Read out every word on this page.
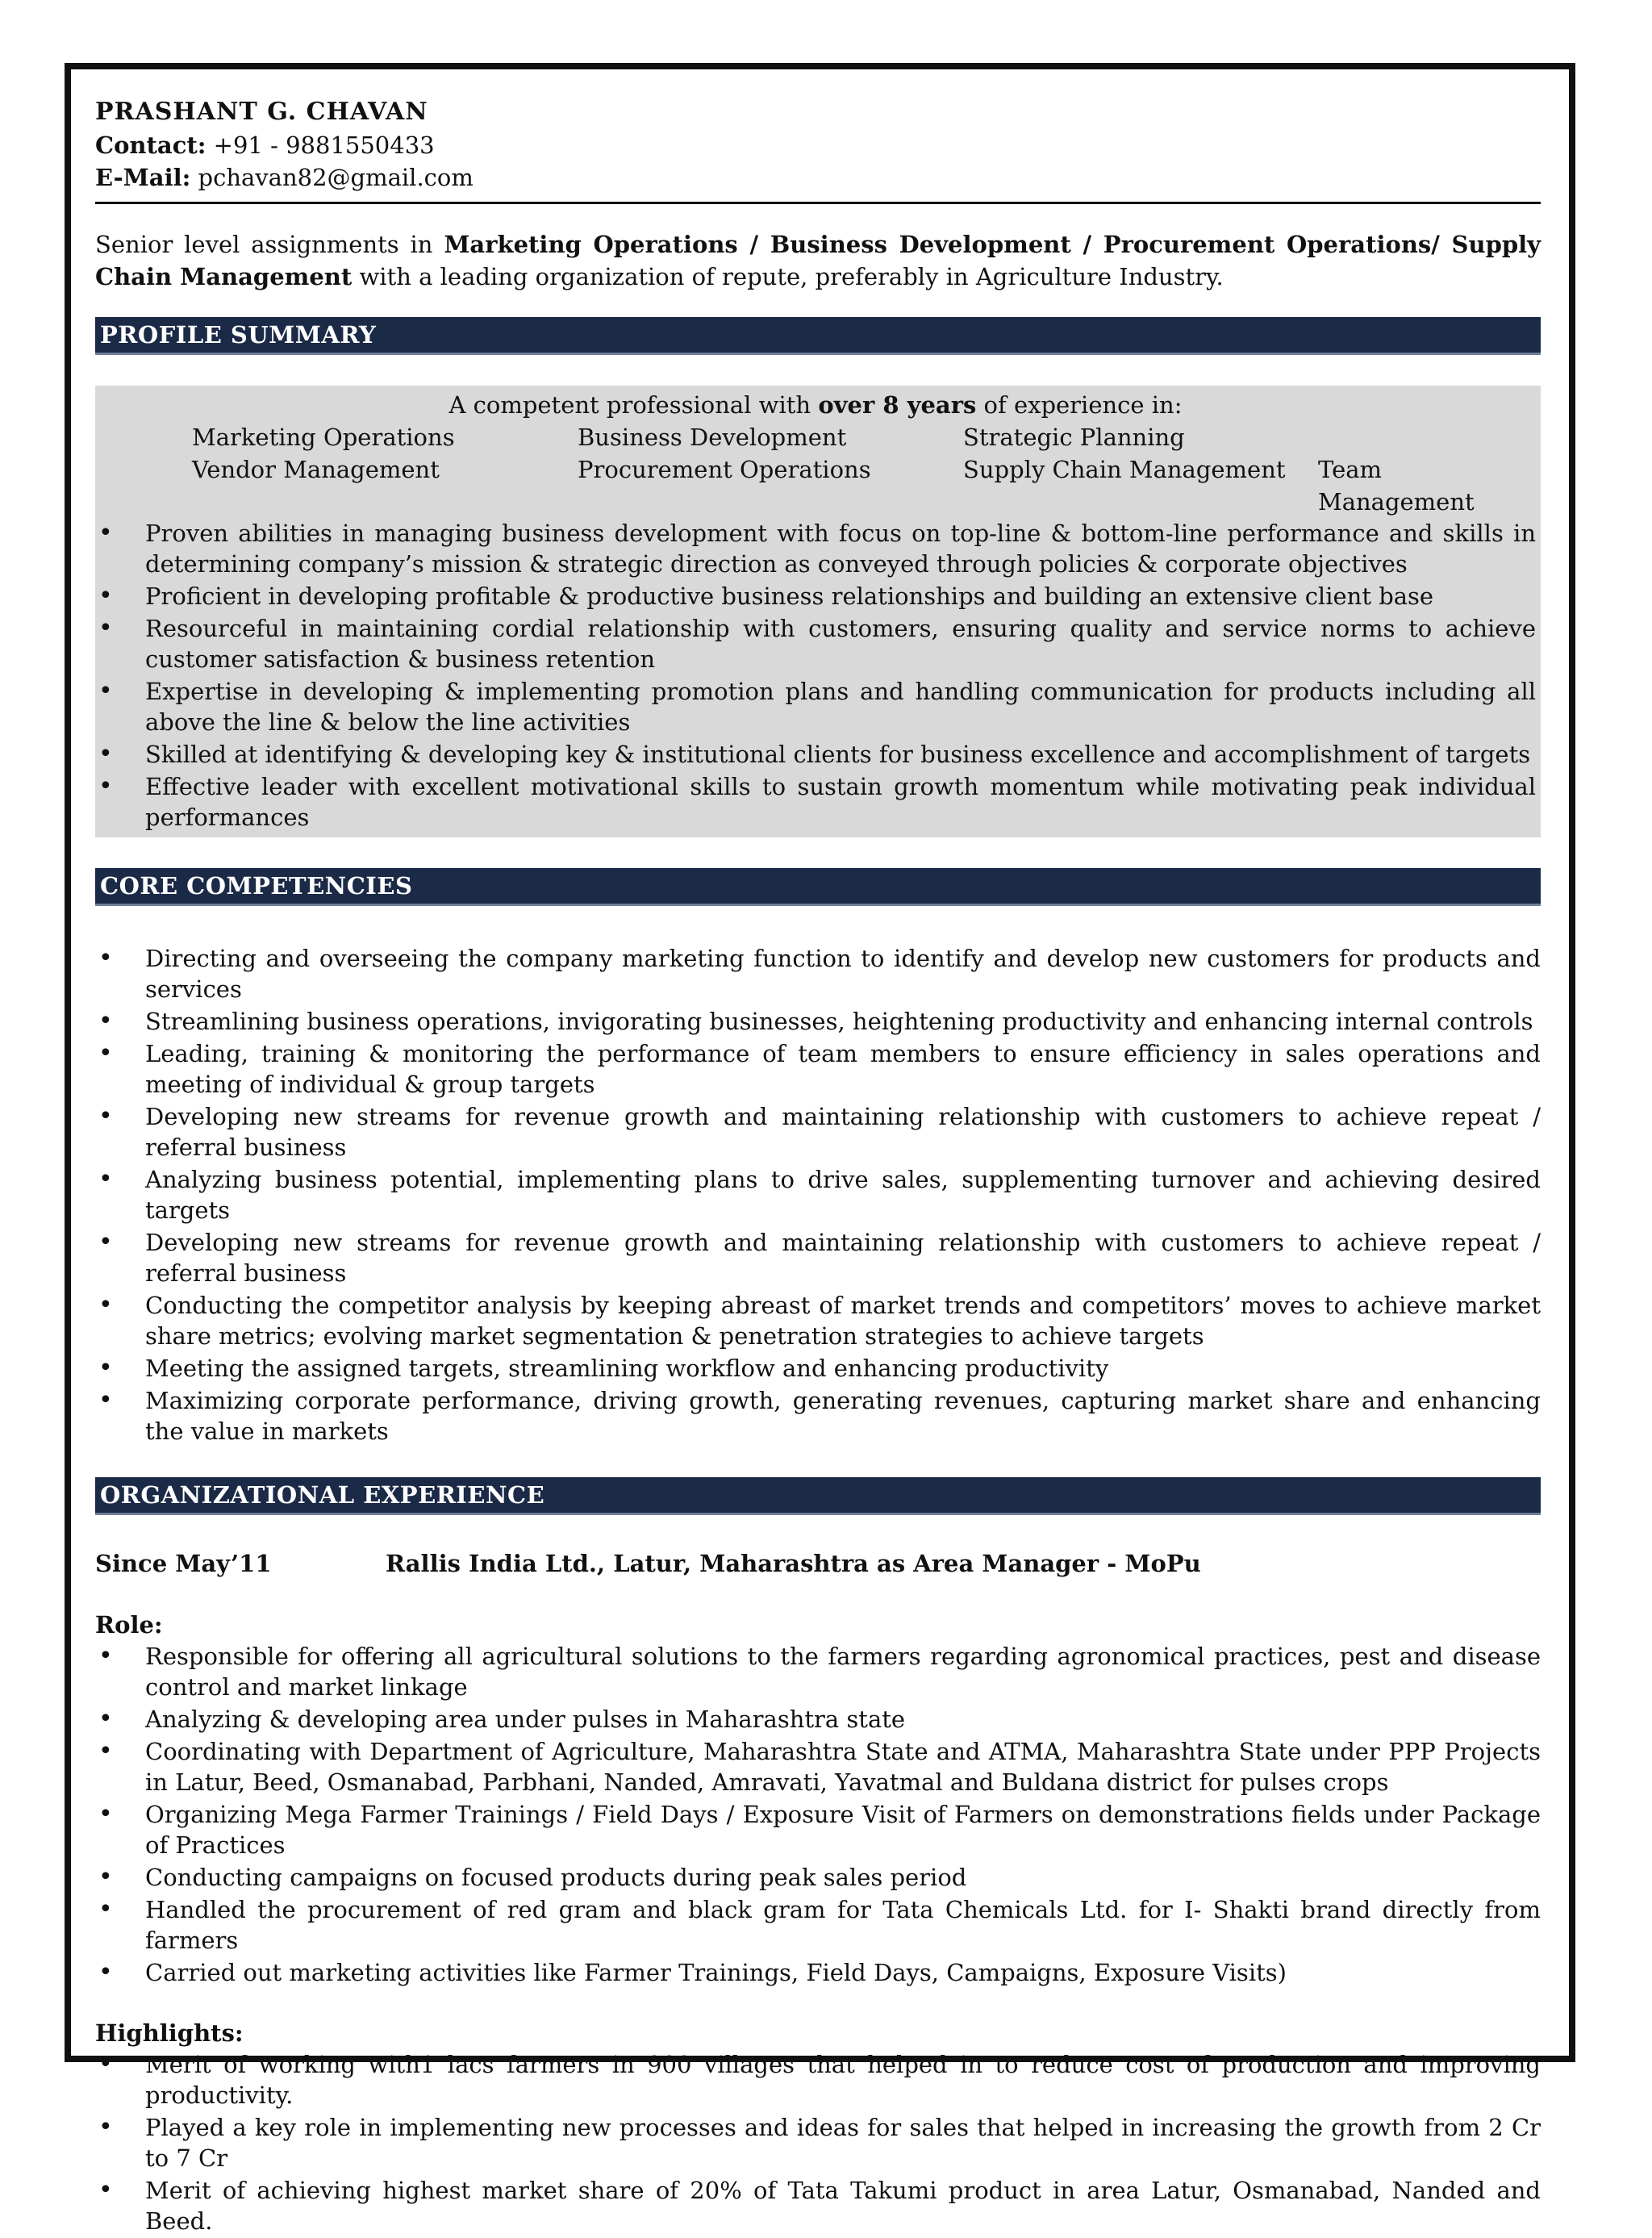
PRASHANT G. CHAVAN
Contact: +91 - 9881550433
E-Mail: pchavan82@gmail.com
Senior level assignments in Marketing Operations / Business Development / Procurement Operations/ Supply Chain Management with a leading organization of repute, preferably in Agriculture Industry.
PROFILE SUMMARY
A competent professional with over 8 years of experience in:
Marketing Operations	Business Development	Strategic Planning
Vendor Management	Procurement Operations	Supply Chain Management	Team Management
• Proven abilities in managing business development with focus on top-line & bottom-line performance and skills in determining company’s mission & strategic direction as conveyed through policies & corporate objectives
• Proficient in developing profitable & productive business relationships and building an extensive client base
• Resourceful in maintaining cordial relationship with customers, ensuring quality and service norms to achieve customer satisfaction & business retention
• Expertise in developing & implementing promotion plans and handling communication for products including all above the line & below the line activities
• Skilled at identifying & developing key & institutional clients for business excellence and accomplishment of targets
• Effective leader with excellent motivational skills to sustain growth momentum while motivating peak individual performances
CORE COMPETENCIES
• Directing and overseeing the company marketing function to identify and develop new customers for products and services
• Streamlining business operations, invigorating businesses, heightening productivity and enhancing internal controls
• Leading, training & monitoring the performance of team members to ensure efficiency in sales operations and meeting of individual & group targets
• Developing new streams for revenue growth and maintaining relationship with customers to achieve repeat / referral business
• Analyzing business potential, implementing plans to drive sales, supplementing turnover and achieving desired targets
• Developing new streams for revenue growth and maintaining relationship with customers to achieve repeat / referral business
• Conducting the competitor analysis by keeping abreast of market trends and competitors’ moves to achieve market share metrics; evolving market segmentation & penetration strategies to achieve targets
• Meeting the assigned targets, streamlining workflow and enhancing productivity
• Maximizing corporate performance, driving growth, generating revenues, capturing market share and enhancing the value in markets
ORGANIZATIONAL EXPERIENCE
Since May’11	Rallis India Ltd., Latur, Maharashtra as Area Manager - MoPu
Role:
• Responsible for offering all agricultural solutions to the farmers regarding agronomical practices, pest and disease control and market linkage
• Analyzing & developing area under pulses in Maharashtra state
• Coordinating with Department of Agriculture, Maharashtra State and ATMA, Maharashtra State under PPP Projects in Latur, Beed, Osmanabad, Parbhani, Nanded, Amravati, Yavatmal and Buldana district for pulses crops
• Organizing Mega Farmer Trainings / Field Days / Exposure Visit of Farmers on demonstrations fields under Package of Practices
• Conducting campaigns on focused products during peak sales period
• Handled the procurement of red gram and black gram for Tata Chemicals Ltd. for I- Shakti brand directly from farmers
• Carried out marketing activities like Farmer Trainings, Field Days, Campaigns, Exposure Visits)
Highlights:
• Merit of working with1 lacs farmers in 900 villages that helped in to reduce cost of production and improving productivity.
• Played a key role in implementing new processes and ideas for sales that helped in increasing the growth from 2 Cr to 7 Cr
• Merit of achieving highest market share of 20% of Tata Takumi product in area Latur, Osmanabad, Nanded and Beed.
